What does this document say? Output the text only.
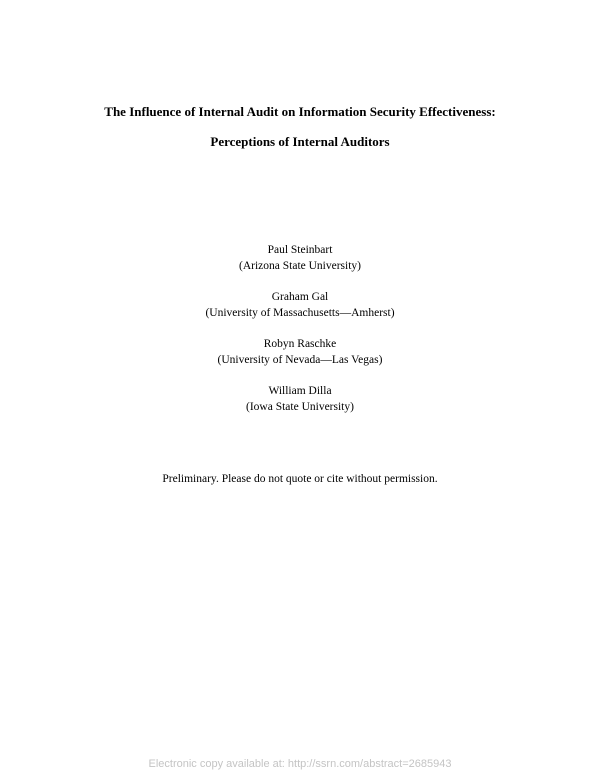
The Influence of Internal Audit on Information Security Effectiveness:
Perceptions of Internal Auditors
Paul Steinbart
(Arizona State University)
Graham Gal
(University of Massachusetts—Amherst)
Robyn Raschke
(University of Nevada—Las Vegas)
William Dilla
(Iowa State University)

Preliminary. Please do not quote or cite without permission.

Electronic copy available at: http://ssrn.com/abstract=2685943
